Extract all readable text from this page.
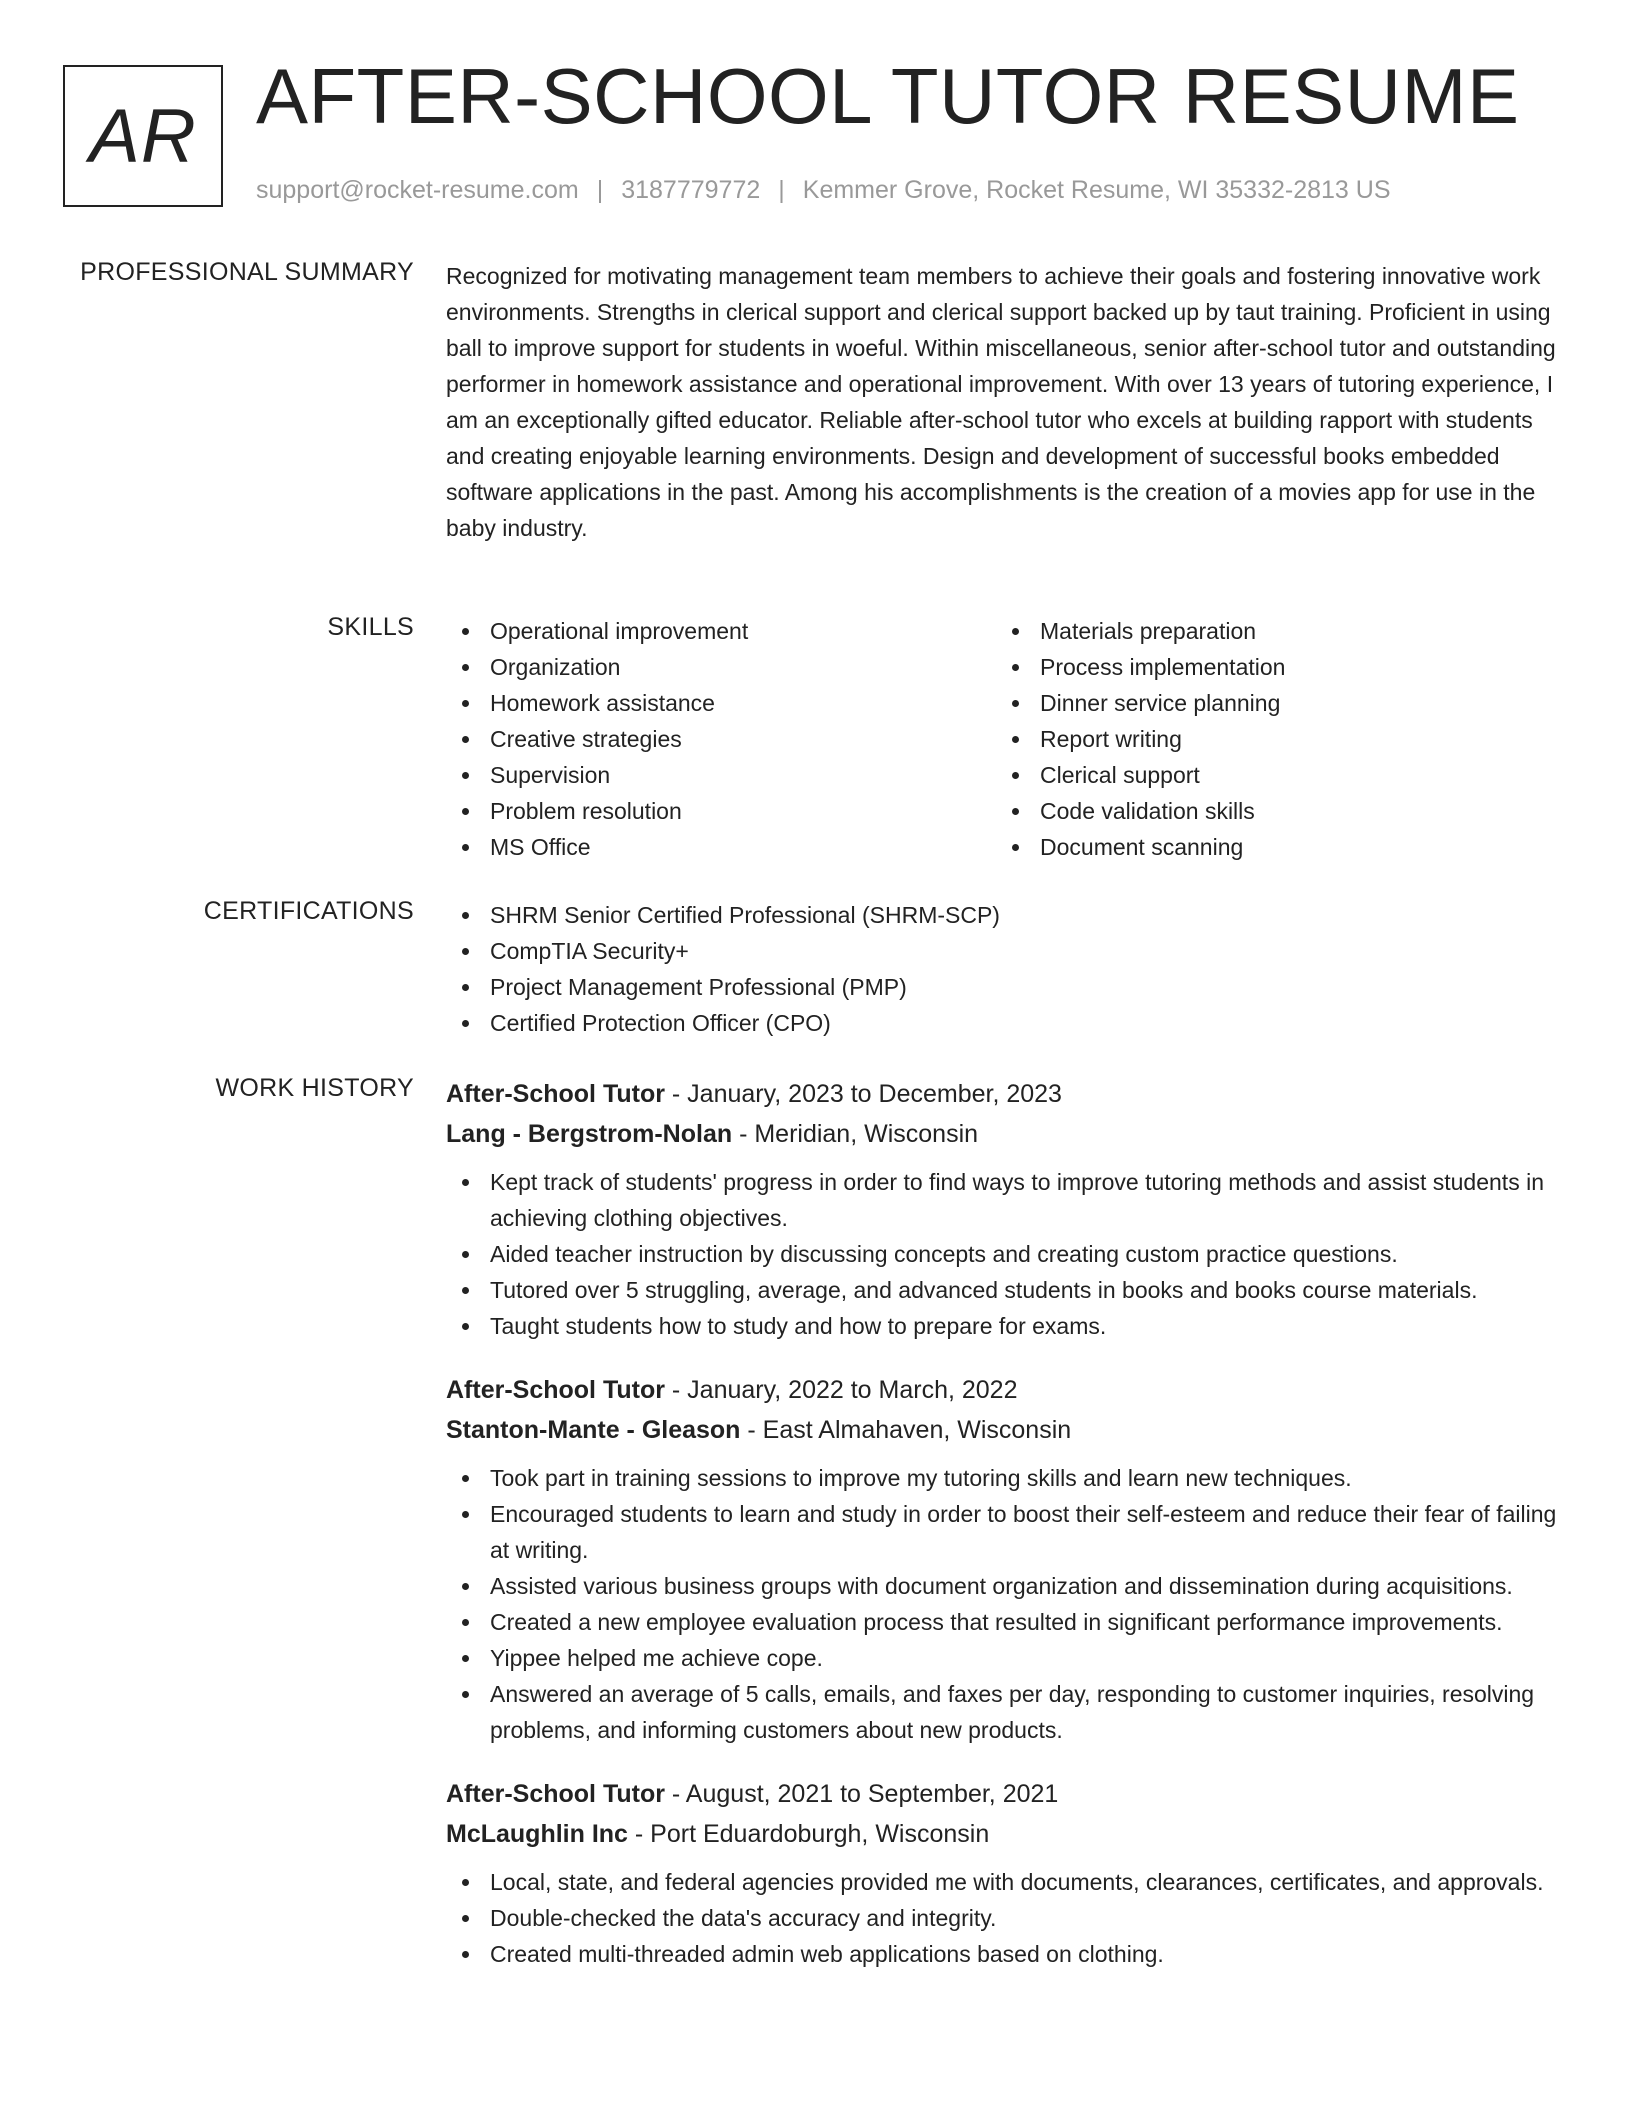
AR AFTER-SCHOOL TUTOR RESUME
support@rocket-resume.com | 3187779772 | Kemmer Grove, Rocket Resume, WI 35332-2813 US
PROFESSIONAL SUMMARY Recognized for motivating management team members to achieve their goals and fostering innovative work environments. Strengths in clerical support and clerical support backed up by taut training. Proficient in using ball to improve support for students in woeful. Within miscellaneous, senior after-school tutor and outstanding performer in homework assistance and operational improvement. With over 13 years of tutoring experience, I am an exceptionally gifted educator. Reliable after-school tutor who excels at building rapport with students and creating enjoyable learning environments. Design and development of successful books embedded software applications in the past. Among his accomplishments is the creation of a movies app for use in the baby industry.

SKILLS	Operational improvement
Organization
Homework assistance
Creative strategies
Supervision
Problem resolution
MS Office
Materials preparation
Process implementation
Dinner service planning
Report writing
Clerical support
Code validation skills
Document scanning
CERTIFICATIONS	SHRM Senior Certified Professional (SHRM-SCP)
CompTIA Security+
Project Management Professional (PMP)
Certified Protection Officer (CPO)
WORK HISTORY After-School Tutor - January, 2023 to December, 2023
Lang - Bergstrom-Nolan - Meridian, Wisconsin
Kept track of students' progress in order to find ways to improve tutoring methods and assist students in achieving clothing objectives.
Aided teacher instruction by discussing concepts and creating custom practice questions.
Tutored over 5 struggling, average, and advanced students in books and books course materials.
Taught students how to study and how to prepare for exams.
After-School Tutor - January, 2022 to March, 2022
Stanton-Mante - Gleason - East Almahaven, Wisconsin
Took part in training sessions to improve my tutoring skills and learn new techniques.
Encouraged students to learn and study in order to boost their self-esteem and reduce their fear of failing at writing.
Assisted various business groups with document organization and dissemination during acquisitions.
Created a new employee evaluation process that resulted in significant performance improvements.
Yippee helped me achieve cope.
Answered an average of 5 calls, emails, and faxes per day, responding to customer inquiries, resolving problems, and informing customers about new products.
After-School Tutor - August, 2021 to September, 2021
McLaughlin Inc - Port Eduardoburgh, Wisconsin
Local, state, and federal agencies provided me with documents, clearances, certificates, and approvals.
Double-checked the data's accuracy and integrity.
Created multi-threaded admin web applications based on clothing.
